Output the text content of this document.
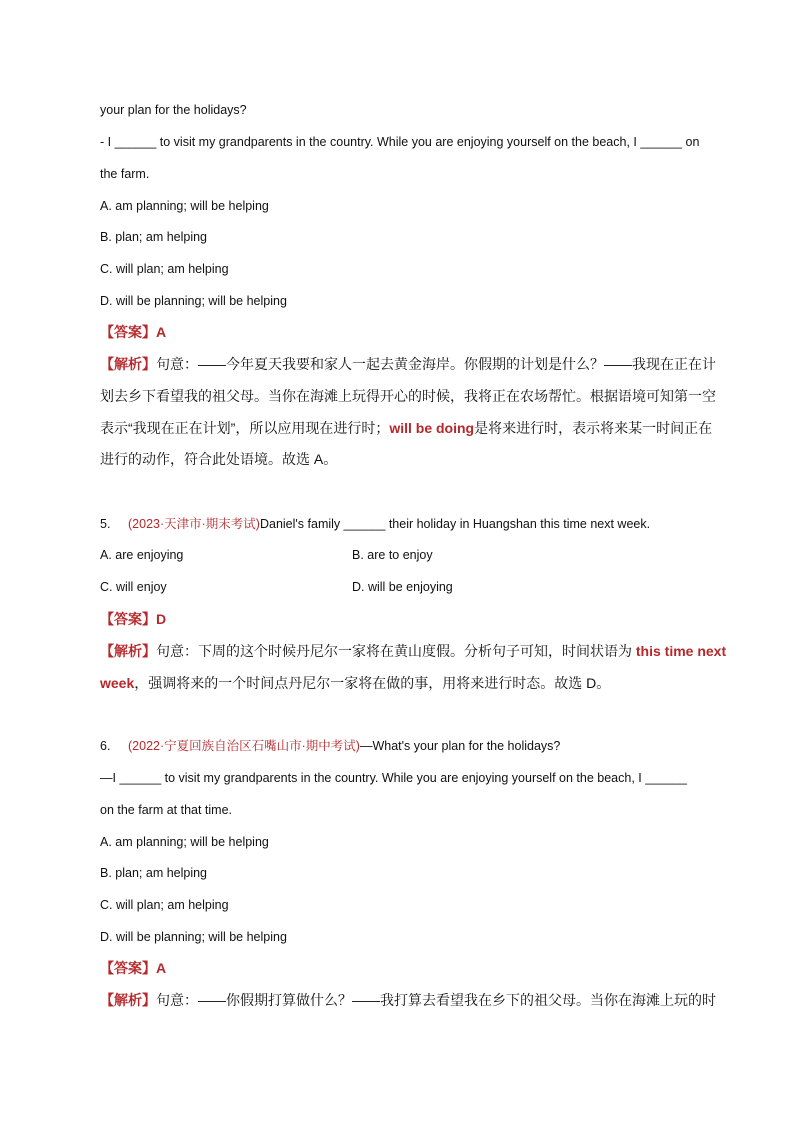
your plan for the holidays?
- I ______ to visit my grandparents in the country. While you are enjoying yourself on the beach, I ______ on
the farm.
A. am planning; will be helping
B. plan; am helping
C. will plan; am helping
D. will be planning; will be helping
【答案】A
【解析】句意：——今年夏天我要和家人一起去黄金海岸。你假期的计划是什么？——我现在正在计
划去乡下看望我的祖父母。当你在海滩上玩得开心的时候，我将正在农场帮忙。根据语境可知第一空
表示“我现在正在计划”，所以应用现在进行时；will be doing是将来进行时，表示将来某一时间正在
进行的动作，符合此处语境。故选 A。
5. (2023·天津市·期末考试)Daniel's family ______ their holiday in Huangshan this time next week.
A. are enjoying	B. are to enjoy
C. will enjoy	D. will be enjoying
【答案】D
【解析】句意：下周的这个时候丹尼尔一家将在黄山度假。分析句子可知，时间状语为 this time next
week，强调将来的一个时间点丹尼尔一家将在做的事，用将来进行时态。故选 D。
6. (2022·宁夏回族自治区石嘴山市·期中考试)—What's your plan for the holidays?
—I ______ to visit my grandparents in the country. While you are enjoying yourself on the beach, I ______
on the farm at that time.
A. am planning; will be helping
B. plan; am helping
C. will plan; am helping
D. will be planning; will be helping
【答案】A
【解析】句意：——你假期打算做什么？——我打算去看望我在乡下的祖父母。当你在海滩上玩的时
